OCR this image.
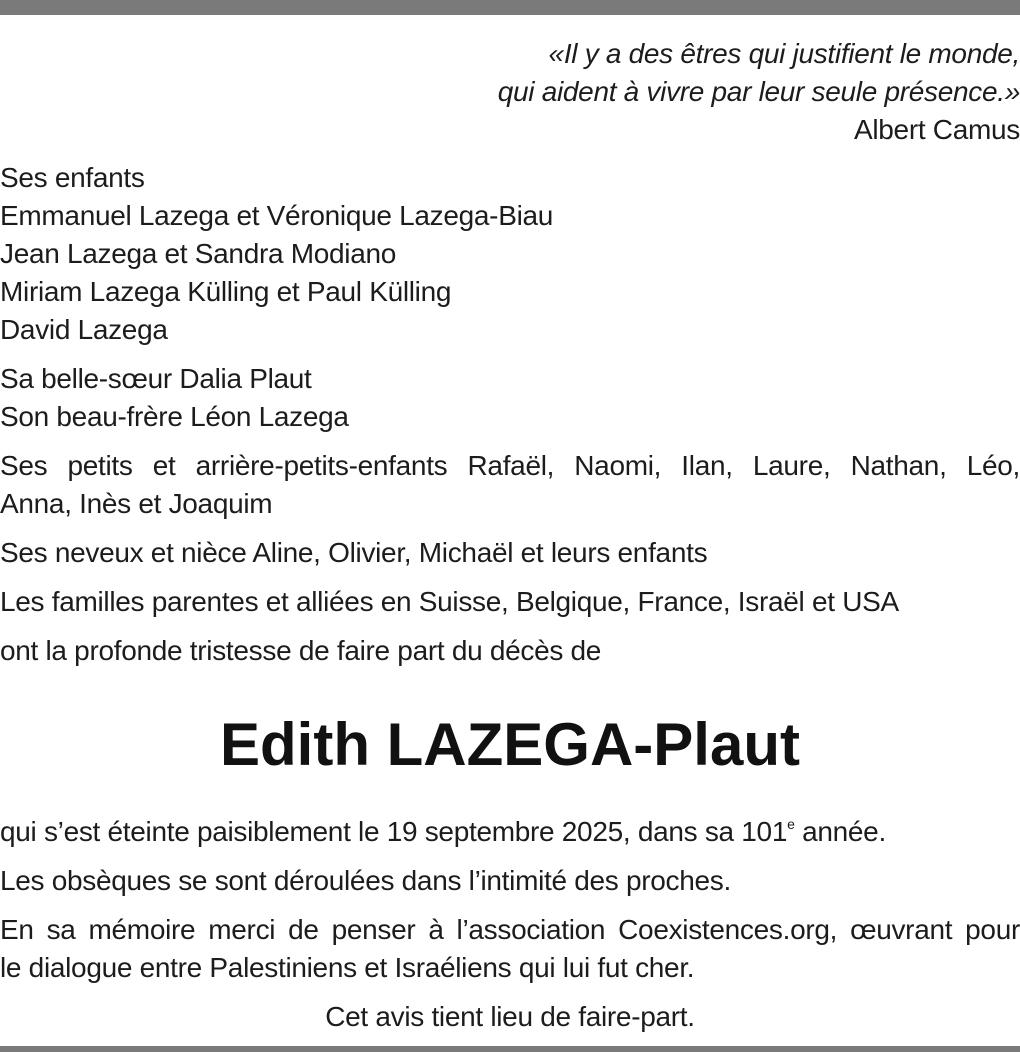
«Il y a des êtres qui justifient le monde,
qui aident à vivre par leur seule présence.»
Albert Camus
Ses enfants
Emmanuel Lazega et Véronique Lazega-Biau
Jean Lazega et Sandra Modiano
Miriam Lazega Külling et Paul Külling
David Lazega
Sa belle-sœur Dalia Plaut
Son beau-frère Léon Lazega
Ses petits et arrière-petits-enfants Rafaël, Naomi, Ilan, Laure, Nathan, Léo,
Anna, Inès et Joaquim
Ses neveux et nièce Aline, Olivier, Michaël et leurs enfants
Les familles parentes et alliées en Suisse, Belgique, France, Israël et USA
ont la profonde tristesse de faire part du décès de
Edith LAZEGA-Plaut
qui s’est éteinte paisiblement le 19 septembre 2025, dans sa 101e année.
Les obsèques se sont déroulées dans l’intimité des proches.
En sa mémoire merci de penser à l’association Coexistences.org, œuvrant pour
le dialogue entre Palestiniens et Israéliens qui lui fut cher.
Cet avis tient lieu de faire-part.
